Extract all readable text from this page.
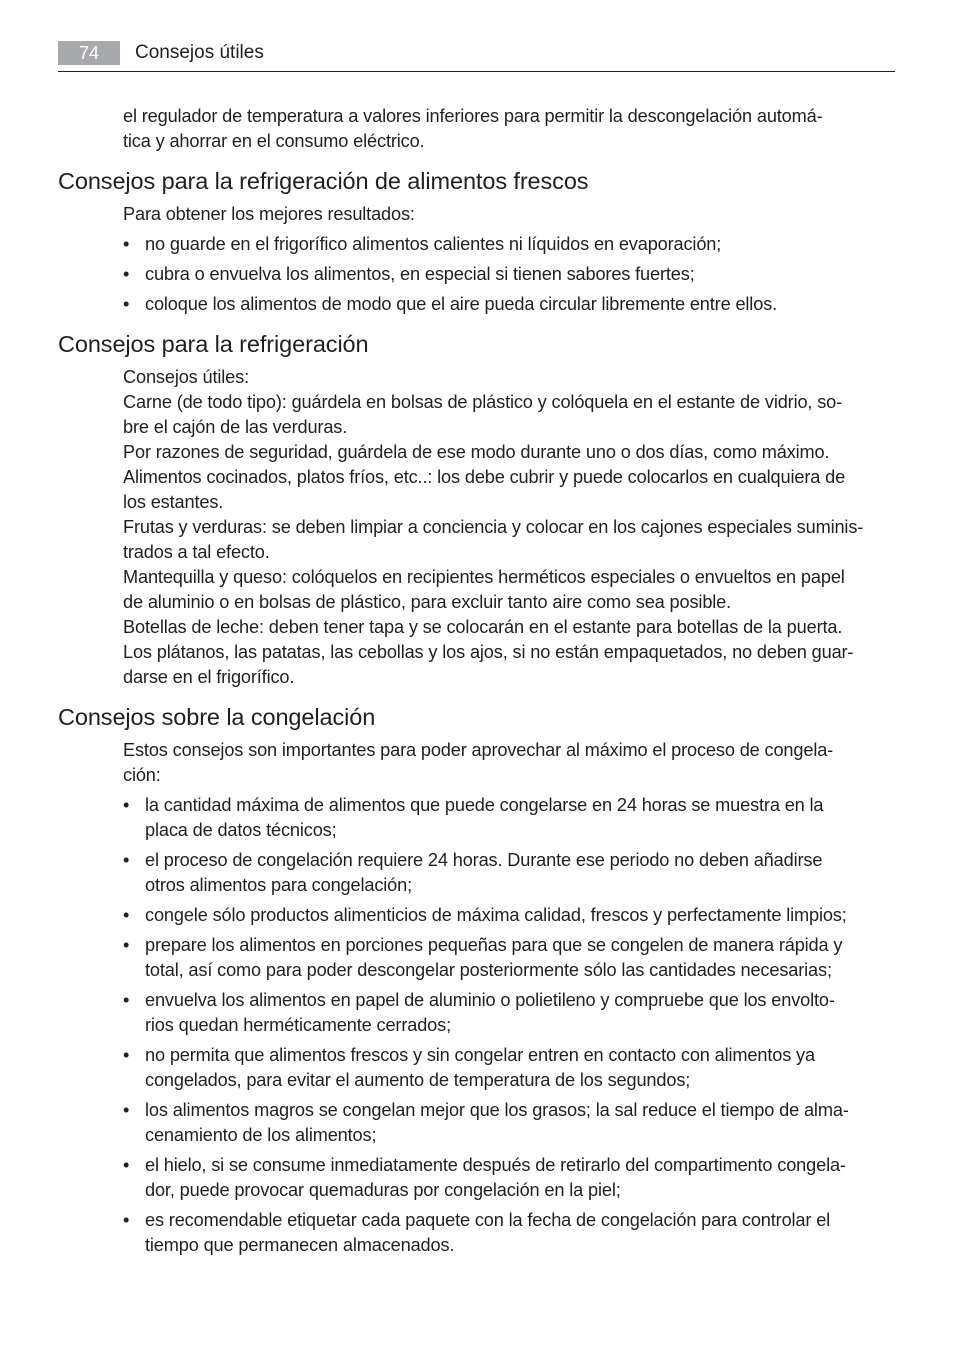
74	Consejos útiles
el regulador de temperatura a valores inferiores para permitir la descongelación automá-
tica y ahorrar en el consumo eléctrico.
Consejos para la refrigeración de alimentos frescos
Para obtener los mejores resultados:
• no guarde en el frigorífico alimentos calientes ni líquidos en evaporación;
• cubra o envuelva los alimentos, en especial si tienen sabores fuertes;
• coloque los alimentos de modo que el aire pueda circular libremente entre ellos.
Consejos para la refrigeración
Consejos útiles:
Carne (de todo tipo): guárdela en bolsas de plástico y colóquela en el estante de vidrio, so-
bre el cajón de las verduras.
Por razones de seguridad, guárdela de ese modo durante uno o dos días, como máximo.
Alimentos cocinados, platos fríos, etc..: los debe cubrir y puede colocarlos en cualquiera de
los estantes.
Frutas y verduras: se deben limpiar a conciencia y colocar en los cajones especiales suminis-
trados a tal efecto.
Mantequilla y queso: colóquelos en recipientes herméticos especiales o envueltos en papel
de aluminio o en bolsas de plástico, para excluir tanto aire como sea posible.
Botellas de leche: deben tener tapa y se colocarán en el estante para botellas de la puerta.
Los plátanos, las patatas, las cebollas y los ajos, si no están empaquetados, no deben guar-
darse en el frigorífico.
Consejos sobre la congelación
Estos consejos son importantes para poder aprovechar al máximo el proceso de congela-
ción:
• la cantidad máxima de alimentos que puede congelarse en 24 horas se muestra en la
placa de datos técnicos;
• el proceso de congelación requiere 24 horas. Durante ese periodo no deben añadirse
otros alimentos para congelación;
• congele sólo productos alimenticios de máxima calidad, frescos y perfectamente limpios;
• prepare los alimentos en porciones pequeñas para que se congelen de manera rápida y
total, así como para poder descongelar posteriormente sólo las cantidades necesarias;
• envuelva los alimentos en papel de aluminio o polietileno y compruebe que los envolto-
rios quedan herméticamente cerrados;
• no permita que alimentos frescos y sin congelar entren en contacto con alimentos ya
congelados, para evitar el aumento de temperatura de los segundos;
• los alimentos magros se congelan mejor que los grasos; la sal reduce el tiempo de alma-
cenamiento de los alimentos;
• el hielo, si se consume inmediatamente después de retirarlo del compartimento congela-
dor, puede provocar quemaduras por congelación en la piel;
• es recomendable etiquetar cada paquete con la fecha de congelación para controlar el
tiempo que permanecen almacenados.
